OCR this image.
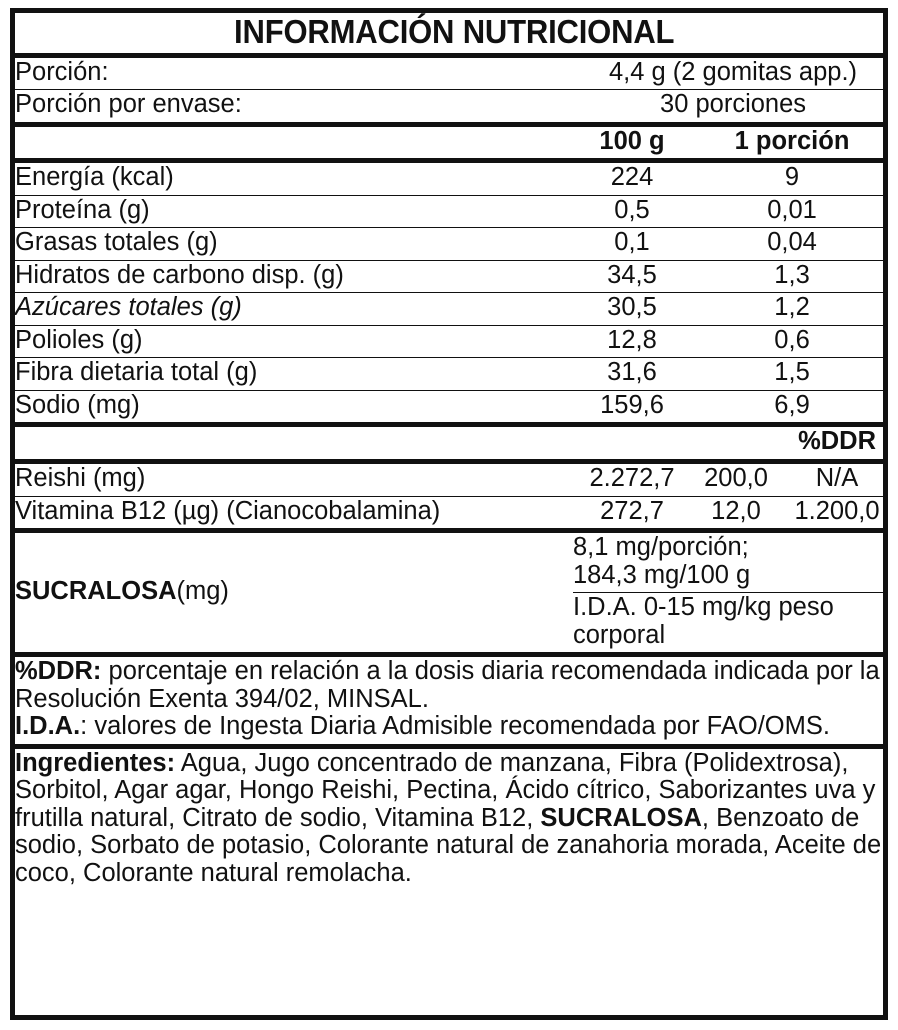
INFORMACIÓN NUTRICIONAL			
Porción:	4,4 g (2 gomitas app.)		
Porción por envase:	30 porciones		
	100 g	1 porción	
Energía (kcal)	224	9	
Proteína (g)	0,5	0,01	
Grasas totales (g)	0,1	0,04	
Hidratos de carbono disp. (g)	34,5	1,3	
Azúcares totales (g)	30,5	1,2	
Polioles (g)	12,8	0,6	
Fibra dietaria total (g)	31,6	1,5	
Sodio (mg)	159,6	6,9	
			%DDR
Reishi (mg)	2.272,7	200,0	N/A
Vitamina B12 (µg) (Cianocobalamina)	272,7	12,0	1.200,0
SUCRALOSA(mg)	8,1 mg/porción;
184,3 mg/100 g		

	I.D.A. 0-15 mg/kg peso
corporal		

%DDR: porcentaje en relación a la dosis diaria recomendada indicada por la Resolución Exenta 394/02, MINSAL.
I.D.A.: valores de Ingesta Diaria Admisible recomendada por FAO/OMS.			

Ingredientes: Agua, Jugo concentrado de manzana, Fibra (Polidextrosa), Sorbitol, Agar agar, Hongo Reishi, Pectina, Ácido cítrico, Saborizantes uva y frutilla natural, Citrato de sodio, Vitamina B12, SUCRALOSA, Benzoato de sodio, Sorbato de potasio, Colorante natural de zanahoria morada, Aceite de coco, Colorante natural remolacha.			
